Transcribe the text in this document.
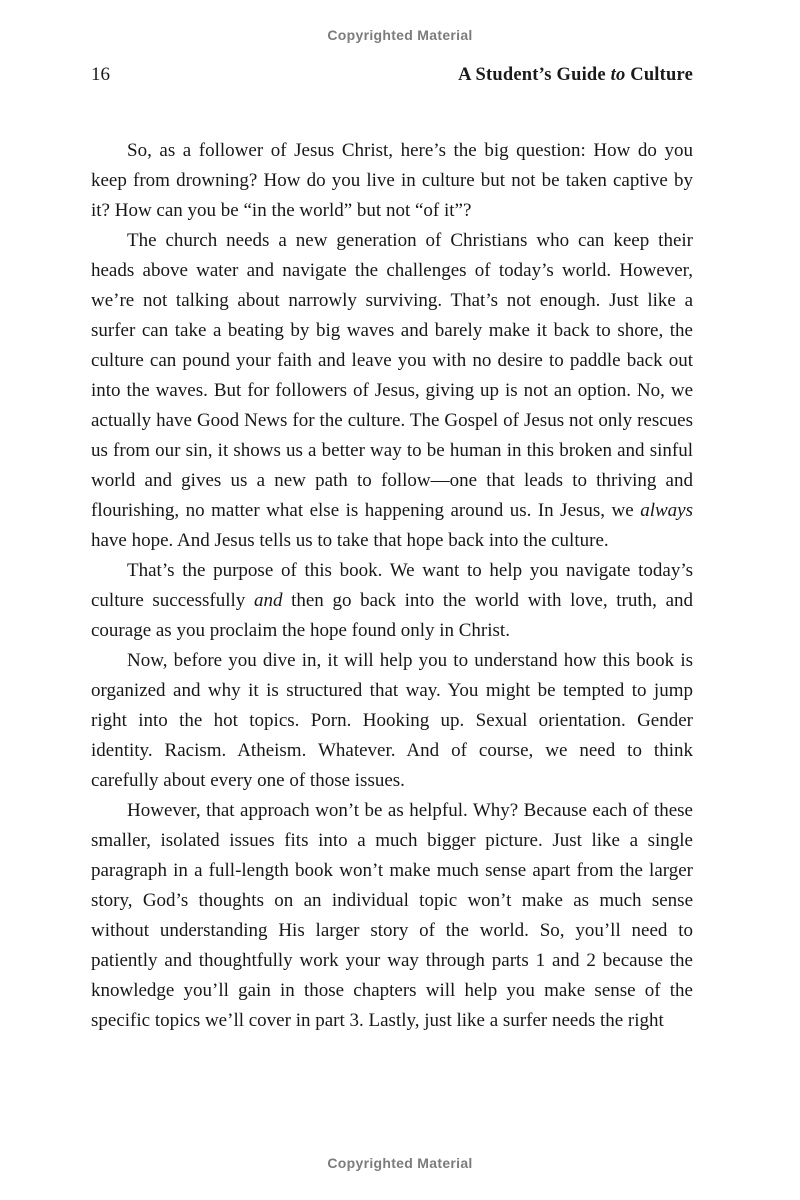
Copyrighted Material
16	A Student’s Guide to Culture

So, as a follower of Jesus Christ, here’s the big question: How do you keep from drowning? How do you live in culture but not be taken captive by it? How can you be “in the world” but not “of it”?

The church needs a new generation of Christians who can keep their heads above water and navigate the challenges of today’s world. However, we’re not talking about narrowly surviving. That’s not enough. Just like a surfer can take a beating by big waves and barely make it back to shore, the culture can pound your faith and leave you with no desire to paddle back out into the waves. But for followers of Jesus, giving up is not an option. No, we actually have Good News for the culture. The Gospel of Jesus not only rescues us from our sin, it shows us a better way to be human in this broken and sinful world and gives us a new path to follow—one that leads to thriving and flourishing, no matter what else is happening around us. In Jesus, we always have hope. And Jesus tells us to take that hope back into the culture.

That’s the purpose of this book. We want to help you navigate today’s culture successfully and then go back into the world with love, truth, and courage as you proclaim the hope found only in Christ.

Now, before you dive in, it will help you to understand how this book is organized and why it is structured that way. You might be tempted to jump right into the hot topics. Porn. Hooking up. Sexual orientation. Gender identity. Racism. Atheism. Whatever. And of course, we need to think carefully about every one of those issues.

However, that approach won’t be as helpful. Why? Because each of these smaller, isolated issues fits into a much bigger picture. Just like a single paragraph in a full-length book won’t make much sense apart from the larger story, God’s thoughts on an individual topic won’t make as much sense without understanding His larger story of the world. So, you’ll need to patiently and thoughtfully work your way through parts 1 and 2 because the knowledge you’ll gain in those chapters will help you make sense of the specific topics we’ll cover in part 3. Lastly, just like a surfer needs the right

Copyrighted Material
